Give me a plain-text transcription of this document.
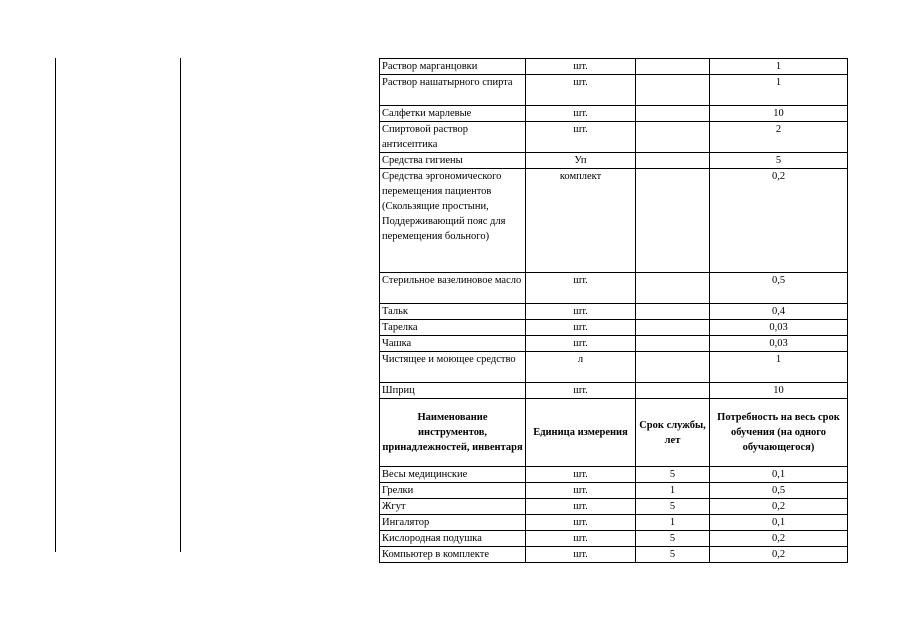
Раствор марганцовки	шт.		1
Раствор нашатырного спирта	шт.		1
Салфетки марлевые	шт.		10
Спиртовой раствор антисептика	шт.		2
Средства гигиены	Уп		5
Средства эргономического перемещения пациентов (Скользящие простыни, Поддерживающий пояс для перемещения больного)	комплект		0,2
Стерильное вазелиновое масло	шт.		0,5
Тальк	шт.		0,4
Тарелка	шт.		0,03
Чашка	шт.		0,03
Чистящее и моющее средство	л		1
Шприц	шт.		10
Наименование инструментов, принадлежностей, инвентаря	Единица измерения	Срок службы, лет	Потребность на весь срок обучения (на одного обучающегося)
Весы медицинские	шт.	5	0,1
Грелки	шт.	1	0,5
Жгут	шт.	5	0,2
Ингалятор	шт.	1	0,1
Кислородная подушка	шт.	5	0,2
Компьютер в комплекте	шт.	5	0,2
